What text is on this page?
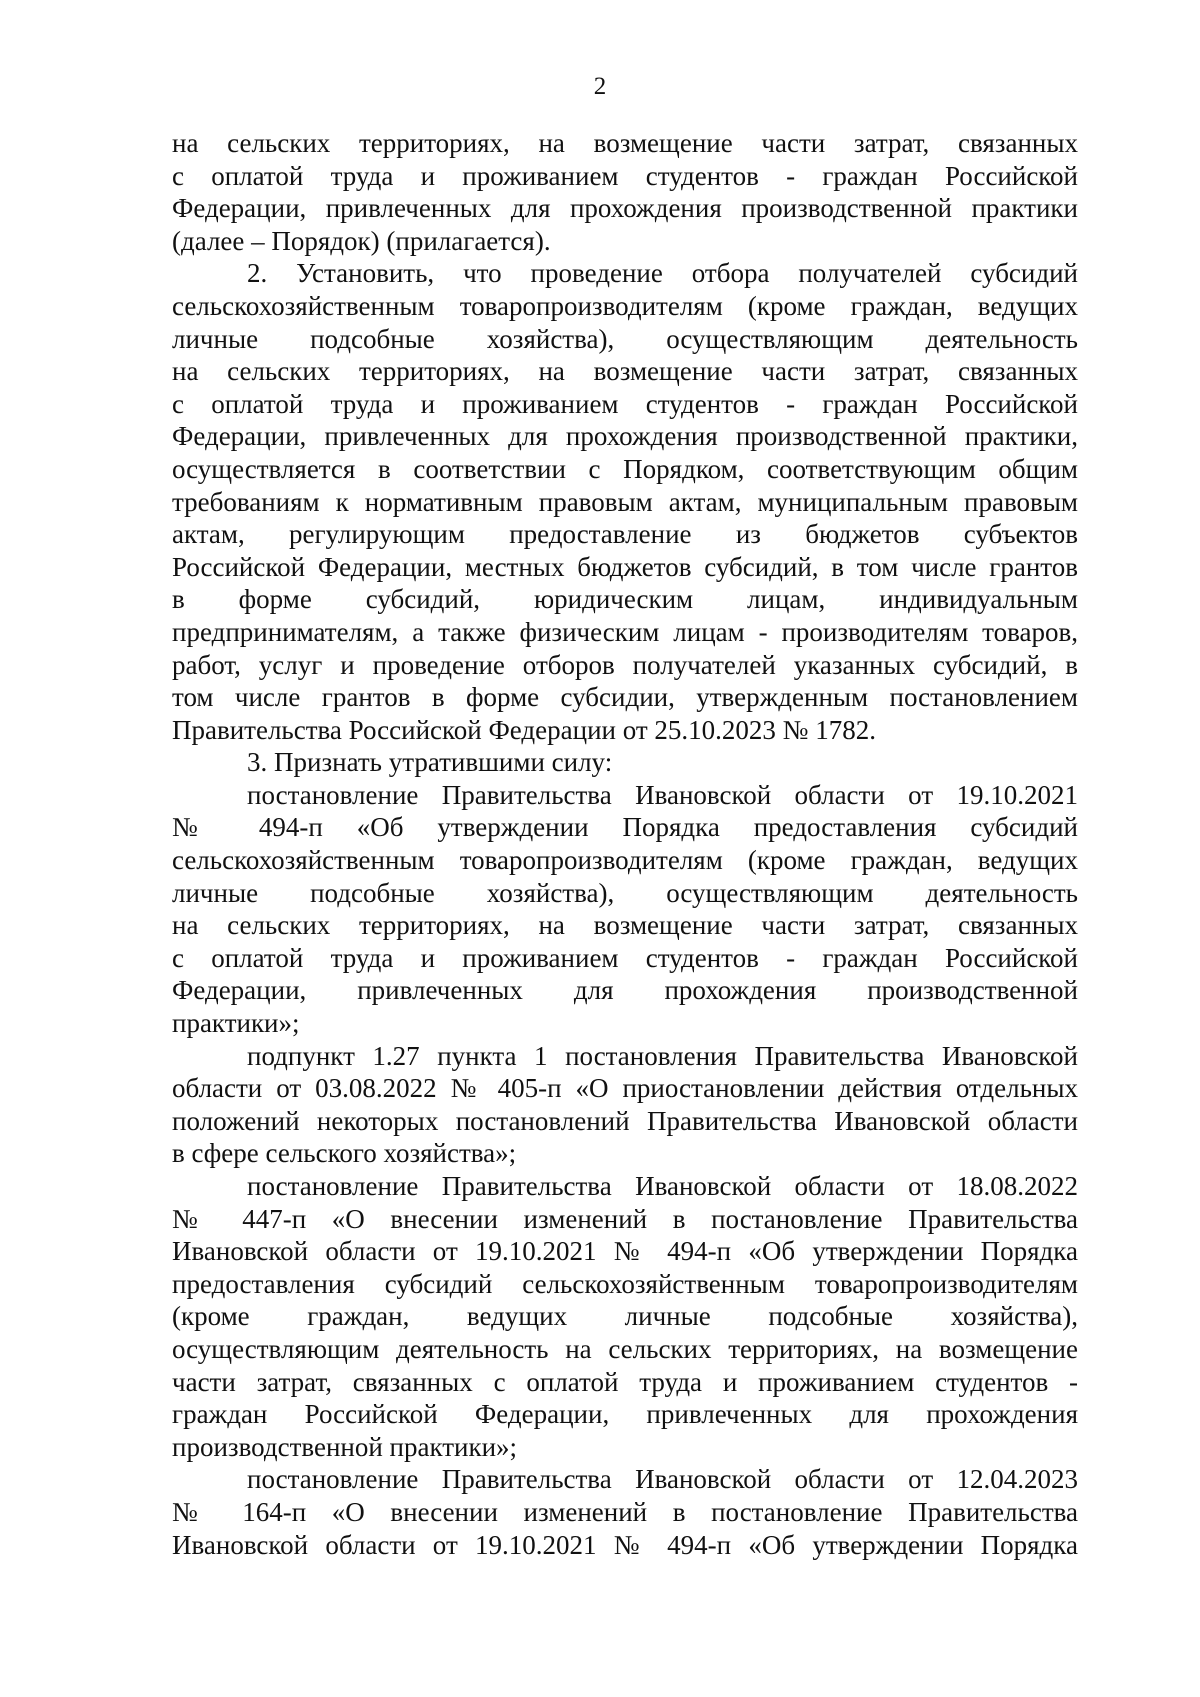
2
на сельских территориях, на возмещение части затрат, связанных
с оплатой труда и проживанием студентов - граждан Российской
Федерации, привлеченных для прохождения производственной практики
(далее – Порядок) (прилагается).
2. Установить, что проведение отбора получателей субсидий
сельскохозяйственным товаропроизводителям (кроме граждан, ведущих
личные подсобные хозяйства), осуществляющим деятельность
на сельских территориях, на возмещение части затрат, связанных
с оплатой труда и проживанием студентов - граждан Российской
Федерации, привлеченных для прохождения производственной практики,
осуществляется в соответствии с Порядком, соответствующим общим
требованиям к нормативным правовым актам, муниципальным правовым
актам, регулирующим предоставление из бюджетов субъектов
Российской Федерации, местных бюджетов субсидий, в том числе грантов
в форме субсидий, юридическим лицам, индивидуальным
предпринимателям, а также физическим лицам - производителям товаров,
работ, услуг и проведение отборов получателей указанных субсидий, в
том числе грантов в форме субсидии, утвержденным постановлением
Правительства Российской Федерации от 25.10.2023 № 1782.
3. Признать утратившими силу:
постановление Правительства Ивановской области от 19.10.2021
№ 494-п «Об утверждении Порядка предоставления субсидий
сельскохозяйственным товаропроизводителям (кроме граждан, ведущих
личные подсобные хозяйства), осуществляющим деятельность
на сельских территориях, на возмещение части затрат, связанных
с оплатой труда и проживанием студентов - граждан Российской
Федерации, привлеченных для прохождения производственной
практики»;
подпункт 1.27 пункта 1 постановления Правительства Ивановской
области от 03.08.2022 № 405-п «О приостановлении действия отдельных
положений некоторых постановлений Правительства Ивановской области
в сфере сельского хозяйства»;
постановление Правительства Ивановской области от 18.08.2022
№ 447-п «О внесении изменений в постановление Правительства
Ивановской области от 19.10.2021 № 494-п «Об утверждении Порядка
предоставления субсидий сельскохозяйственным товаропроизводителям
(кроме граждан, ведущих личные подсобные хозяйства),
осуществляющим деятельность на сельских территориях, на возмещение
части затрат, связанных с оплатой труда и проживанием студентов -
граждан Российской Федерации, привлеченных для прохождения
производственной практики»;
постановление Правительства Ивановской области от 12.04.2023
№ 164-п «О внесении изменений в постановление Правительства
Ивановской области от 19.10.2021 № 494-п «Об утверждении Порядка
